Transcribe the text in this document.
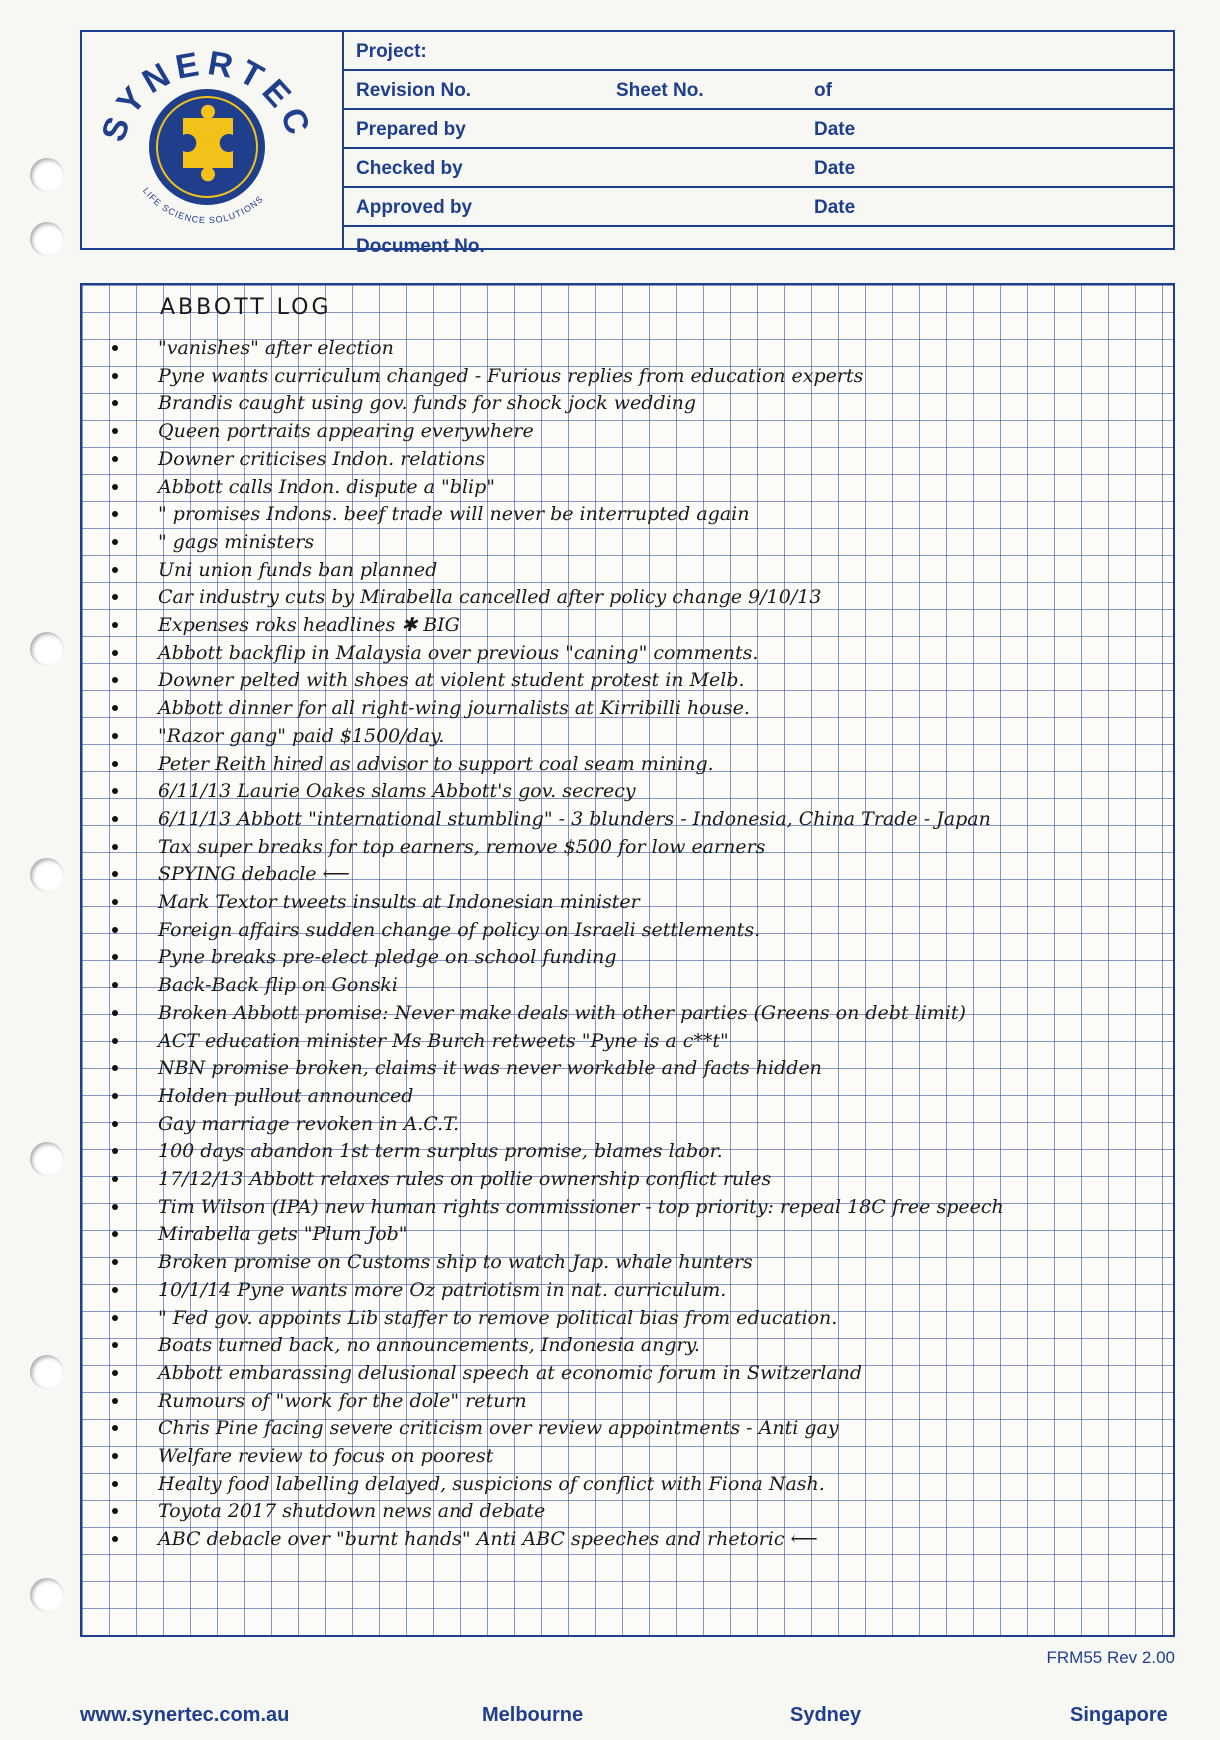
SYNERTEC
LIFE SCIENCE SOLUTIONS
Project:
Revision No.	Sheet No.	of
Prepared by	Date
Checked by	Date
Approved by	Date
Document No.
ABBOTT LOG
"vanishes" after election
Pyne wants curriculum changed - Furious replies from education experts
Brandis caught using gov. funds for shock jock wedding
Queen portraits appearing everywhere
Downer criticises Indon. relations
Abbott calls Indon. dispute a "blip"
" promises Indons. beef trade will never be interrupted again
" gags ministers
Uni union funds ban planned
Car industry cuts by Mirabella cancelled after policy change 9/10/13
Expenses roks headlines ✱ BIG
Abbott backflip in Malaysia over previous "caning" comments.
Downer pelted with shoes at violent student protest in Melb.
Abbott dinner for all right-wing journalists at Kirribilli house.
"Razor gang" paid $1500/day.
Peter Reith hired as advisor to support coal seam mining.
6/11/13 Laurie Oakes slams Abbott's gov. secrecy
6/11/13 Abbott "international stumbling" - 3 blunders - Indonesia, China Trade - Japan
Tax super breaks for top earners, remove $500 for low earners
SPYING debacle ⟵
Mark Textor tweets insults at Indonesian minister
Foreign affairs sudden change of policy on Israeli settlements.
Pyne breaks pre-elect pledge on school funding
Back-Back flip on Gonski
Broken Abbott promise: Never make deals with other parties (Greens on debt limit)
ACT education minister Ms Burch retweets "Pyne is a c**t"
NBN promise broken, claims it was never workable and facts hidden
Holden pullout announced
Gay marriage revoken in A.C.T.
100 days abandon 1st term surplus promise, blames labor.
17/12/13 Abbott relaxes rules on pollie ownership conflict rules
Tim Wilson (IPA) new human rights commissioner - top priority: repeal 18C free speech
Mirabella gets "Plum Job"
Broken promise on Customs ship to watch Jap. whale hunters
10/1/14 Pyne wants more Oz patriotism in nat. curriculum.
" Fed gov. appoints Lib staffer to remove political bias from education.
Boats turned back, no announcements, Indonesia angry.
Abbott embarassing delusional speech at economic forum in Switzerland
Rumours of "work for the dole" return
Chris Pine facing severe criticism over review appointments - Anti gay
Welfare review to focus on poorest
Healty food labelling delayed, suspicions of conflict with Fiona Nash.
Toyota 2017 shutdown news and debate
ABC debacle over "burnt hands" Anti ABC speeches and rhetoric ⟵
FRM55 Rev 2.00
www.synertec.com.au	Melbourne	Sydney	Singapore
